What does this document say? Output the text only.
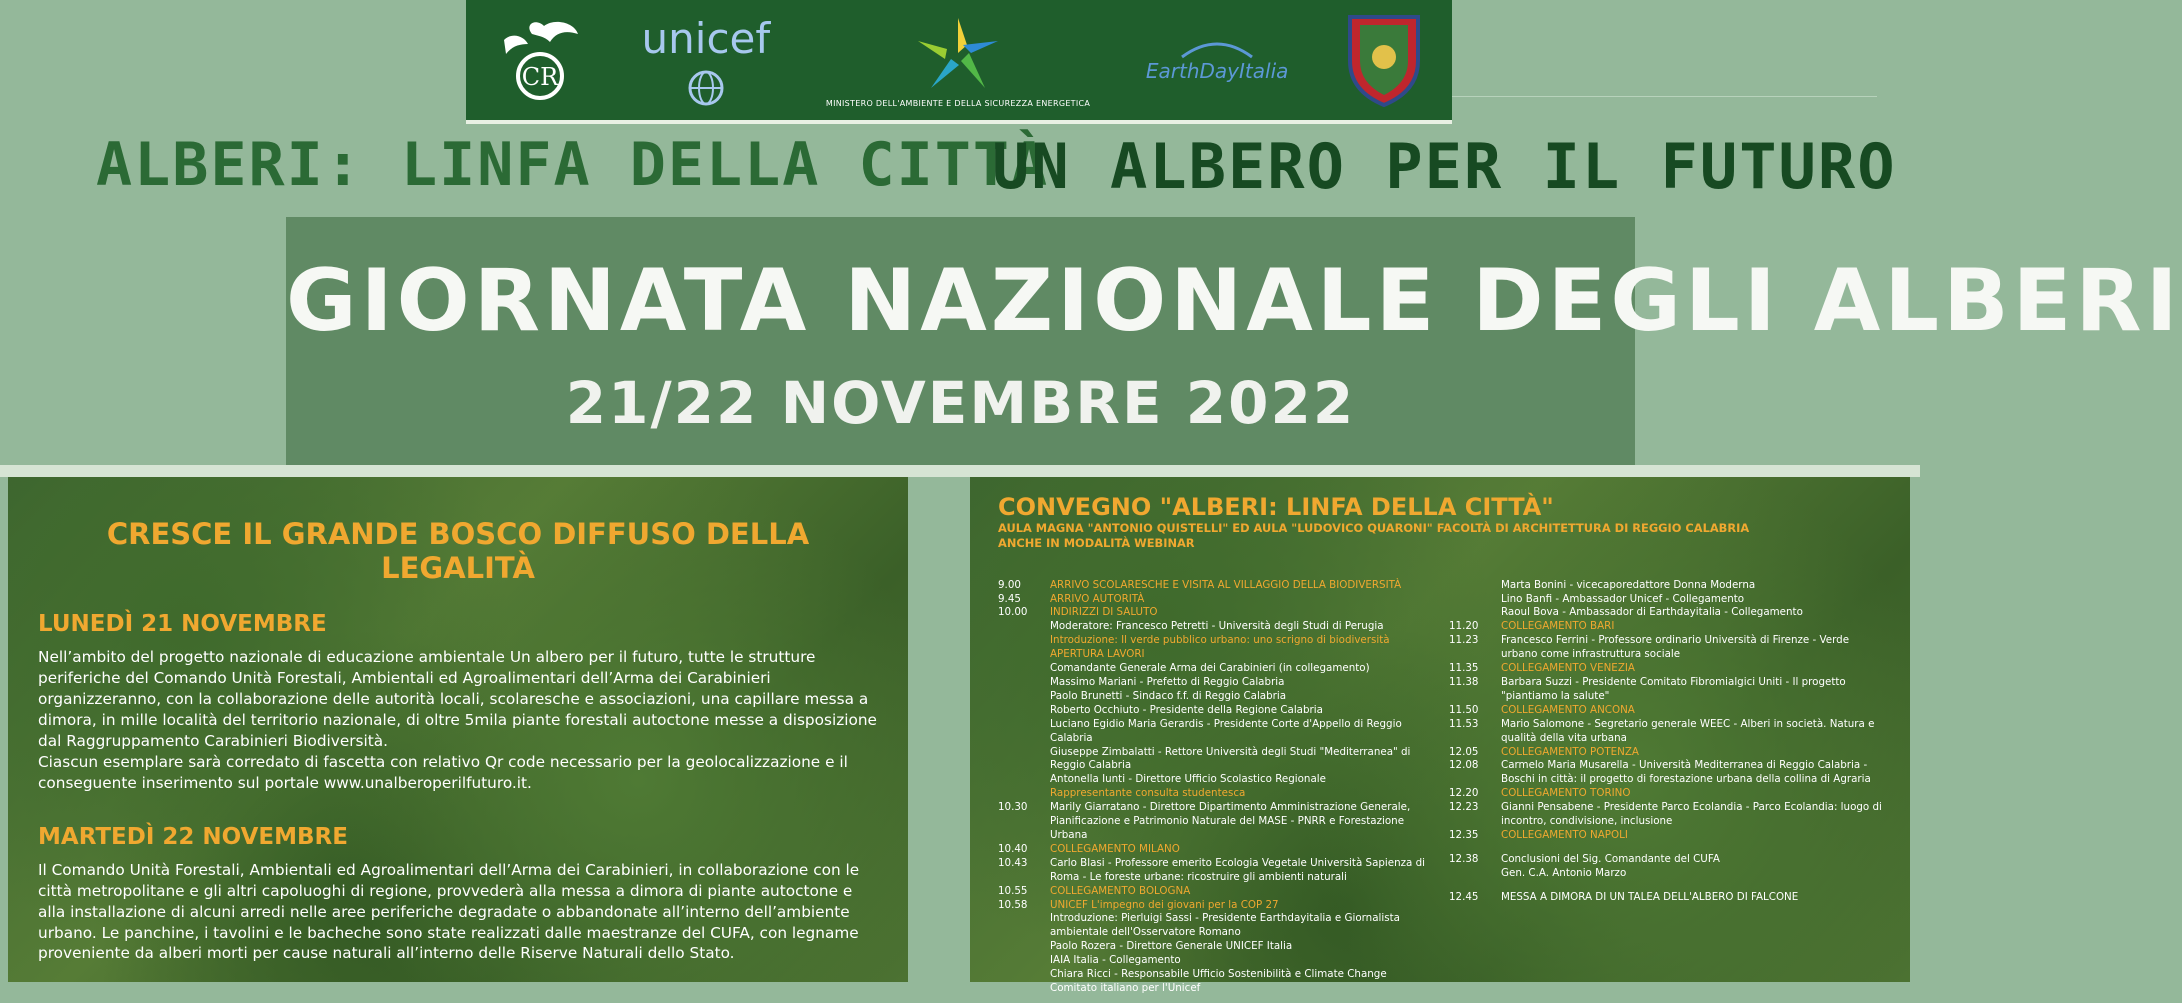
CR
unicef
MINISTERO DELL'AMBIENTE E DELLA SICUREZZA ENERGETICA
EarthDayItalia
ALBERI: LINFA DELLA CITTÀ
UN ALBERO PER IL FUTURO
GIORNATA NAZIONALE DEGLI ALBERI
21/22 NOVEMBRE 2022
CRESCE IL GRANDE BOSCO DIFFUSO DELLA LEGALITÀ
LUNEDÌ 21 NOVEMBRE

Nell’ambito del progetto nazionale di educazione ambientale Un albero per il futuro, tutte le strutture periferiche del Comando Unità Forestali, Ambientali ed Agroalimentari dell’Arma dei Carabinieri organizzeranno, con la collaborazione delle autorità locali, scolaresche e associazioni, una capillare messa a dimora, in mille località del territorio nazionale, di oltre 5mila piante forestali autoctone messe a disposizione dal Raggruppamento Carabinieri Biodiversità.

Ciascun esemplare sarà corredato di fascetta con relativo Qr code necessario per la geolocalizzazione e il conseguente inserimento sul portale www.unalberoperilfuturo.it.

MARTEDÌ 22 NOVEMBRE

Il Comando Unità Forestali, Ambientali ed Agroalimentari dell’Arma dei Carabinieri, in collaborazione con le città metropolitane e gli altri capoluoghi di regione, provvederà alla messa a dimora di piante autoctone e alla installazione di alcuni arredi nelle aree periferiche degradate o abbandonate all’interno dell’ambiente urbano. Le panchine, i tavolini e le bacheche sono state realizzati dalle maestranze del CUFA, con legname proveniente da alberi morti per cause naturali all’interno delle Riserve Naturali dello Stato.

CONVEGNO "ALBERI: LINFA DELLA CITTÀ"
AULA MAGNA "ANTONIO QUISTELLI" ED AULA "LUDOVICO QUARONI" FACOLTÀ DI ARCHITETTURA DI REGGIO CALABRIA
ANCHE IN MODALITÀ WEBINAR
9.00	ARRIVO SCOLARESCHE E VISITA AL VILLAGGIO DELLA BIODIVERSITÀ
9.45	ARRIVO AUTORITÀ
10.00	INDIRIZZI DI SALUTO
Moderatore: Francesco Petretti - Università degli Studi di Perugia
Introduzione: Il verde pubblico urbano: uno scrigno di biodiversità
APERTURA LAVORI
Comandante Generale Arma dei Carabinieri (in collegamento)
Massimo Mariani - Prefetto di Reggio Calabria
Paolo Brunetti - Sindaco f.f. di Reggio Calabria
Roberto Occhiuto - Presidente della Regione Calabria
Luciano Egidio Maria Gerardis - Presidente Corte d'Appello di Reggio Calabria
Giuseppe Zimbalatti - Rettore Università degli Studi "Mediterranea" di Reggio Calabria
Antonella Iunti - Direttore Ufficio Scolastico Regionale
Rappresentante consulta studentesca
10.30	Marily Giarratano - Direttore Dipartimento Amministrazione Generale, Pianificazione e Patrimonio Naturale del MASE - PNRR e Forestazione Urbana
10.40	COLLEGAMENTO MILANO
10.43	Carlo Blasi - Professore emerito Ecologia Vegetale Università Sapienza di Roma - Le foreste urbane: ricostruire gli ambienti naturali
10.55	COLLEGAMENTO BOLOGNA
10.58	UNICEF L'impegno dei giovani per la COP 27
Introduzione: Pierluigi Sassi - Presidente Earthdayitalia e Giornalista ambientale dell'Osservatore Romano
Paolo Rozera - Direttore Generale UNICEF Italia
IAIA Italia - Collegamento
Chiara Ricci - Responsabile Ufficio Sostenibilità e Climate Change Comitato italiano per l'Unicef
Marta Bonini - vicecaporedattore Donna Moderna
Lino Banfi - Ambassador Unicef - Collegamento
Raoul Bova - Ambassador di Earthdayitalia - Collegamento
11.20	COLLEGAMENTO BARI
11.23	Francesco Ferrini - Professore ordinario Università di Firenze - Verde urbano come infrastruttura sociale
11.35	COLLEGAMENTO VENEZIA
11.38	Barbara Suzzi - Presidente Comitato Fibromialgici Uniti - Il progetto "piantiamo la salute"
11.50	COLLEGAMENTO ANCONA
11.53	Mario Salomone - Segretario generale WEEC - Alberi in società. Natura e qualità della vita urbana
12.05	COLLEGAMENTO POTENZA
12.08	Carmelo Maria Musarella - Università Mediterranea di Reggio Calabria - Boschi in città: il progetto di forestazione urbana della collina di Agraria
12.20	COLLEGAMENTO TORINO
12.23	Gianni Pensabene - Presidente Parco Ecolandia - Parco Ecolandia: luogo di incontro, condivisione, inclusione
12.35	COLLEGAMENTO NAPOLI
12.38	Conclusioni del Sig. Comandante del CUFA
Gen. C.A. Antonio Marzo
12.45	MESSA A DIMORA DI UN TALEA DELL'ALBERO DI FALCONE
